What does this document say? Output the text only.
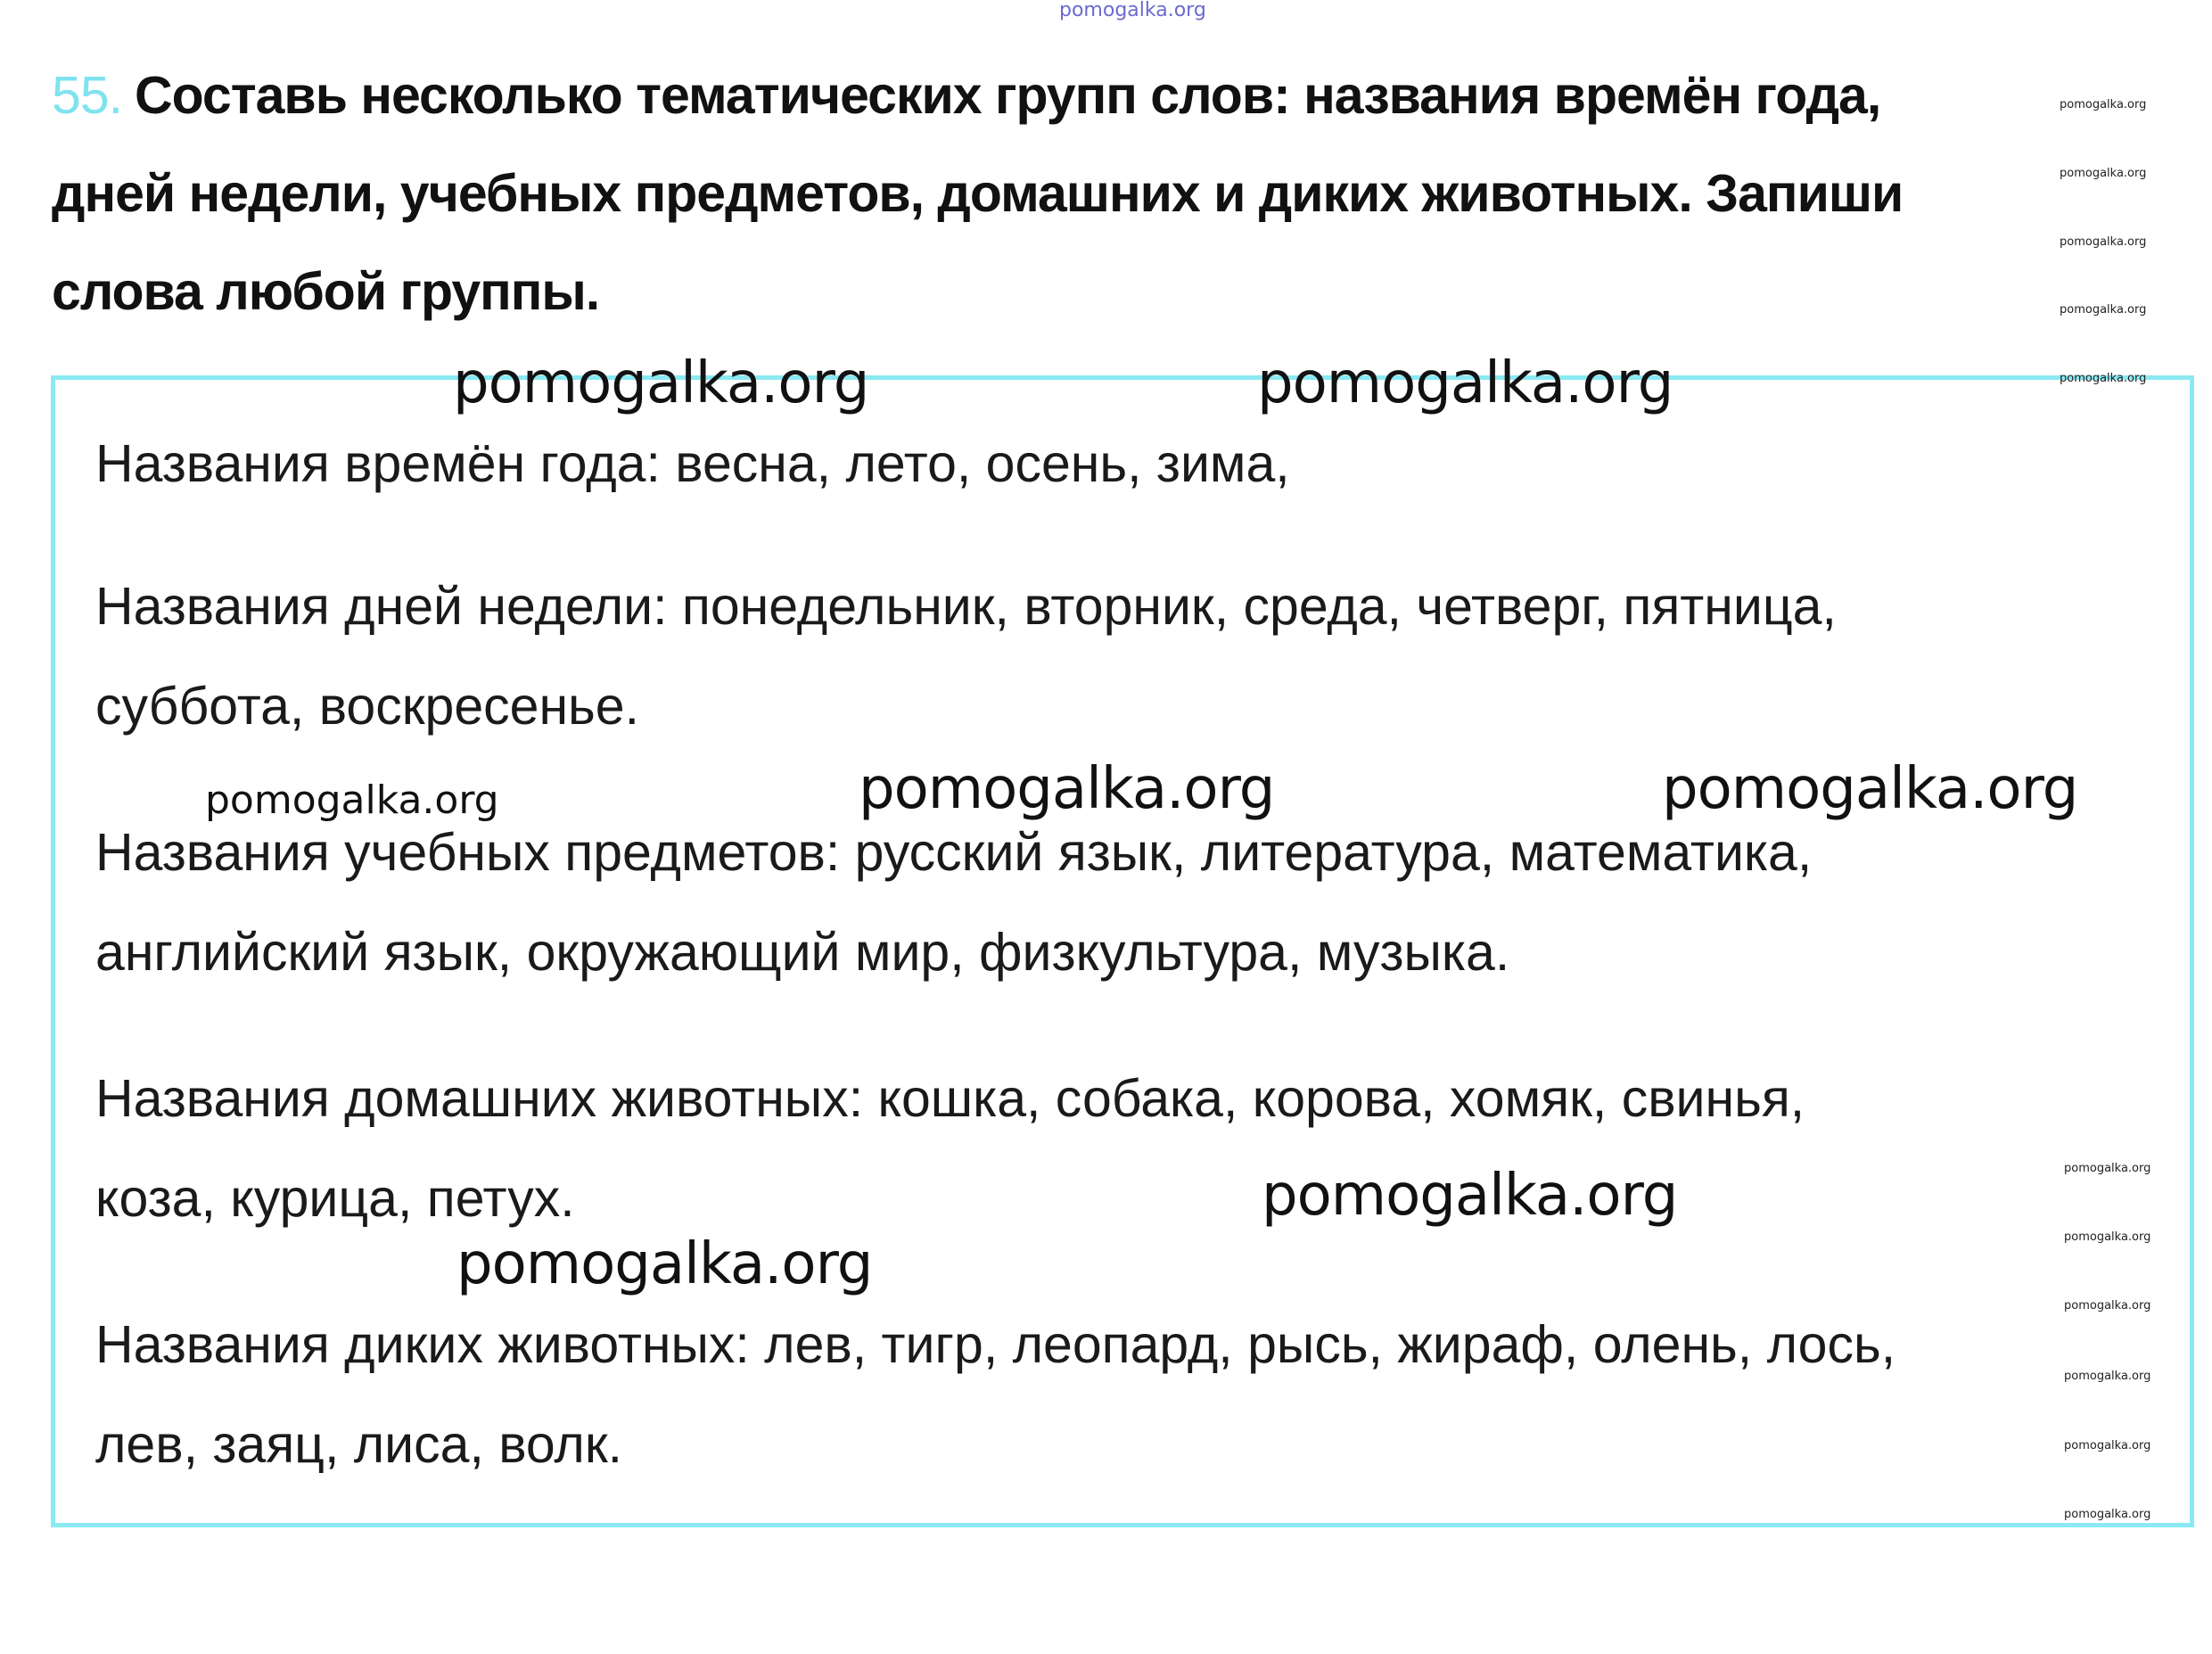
pomogalka.org

55. Составь несколько тематических групп слов: названия времён года,
дней недели, учебных предметов, домашних и диких животных. Запиши
слова любой группы.

Названия времён года: весна, лето, осень, зима,

Названия дней недели: понедельник, вторник, среда, четверг, пятница,

суббота, воскресенье.

Названия учебных предметов: русский язык, литература, математика,

английский язык, окружающий мир, физкультура, музыка.

Названия домашних животных: кошка, собака, корова, хомяк, свинья,

коза, курица, петух.

Названия диких животных: лев, тигр, леопард, рысь, жираф, олень, лось,

лев, заяц, лиса, волк.

pomogalka.org	pomogalka.org
pomogalka.org	pomogalka.org
pomogalka.org
pomogalka.org
pomogalka.org
pomogalka.org
pomogalka.org
pomogalka.org
pomogalka.org
pomogalka.org
pomogalka.org
pomogalka.org
pomogalka.org
pomogalka.org
pomogalka.org
pomogalka.org
